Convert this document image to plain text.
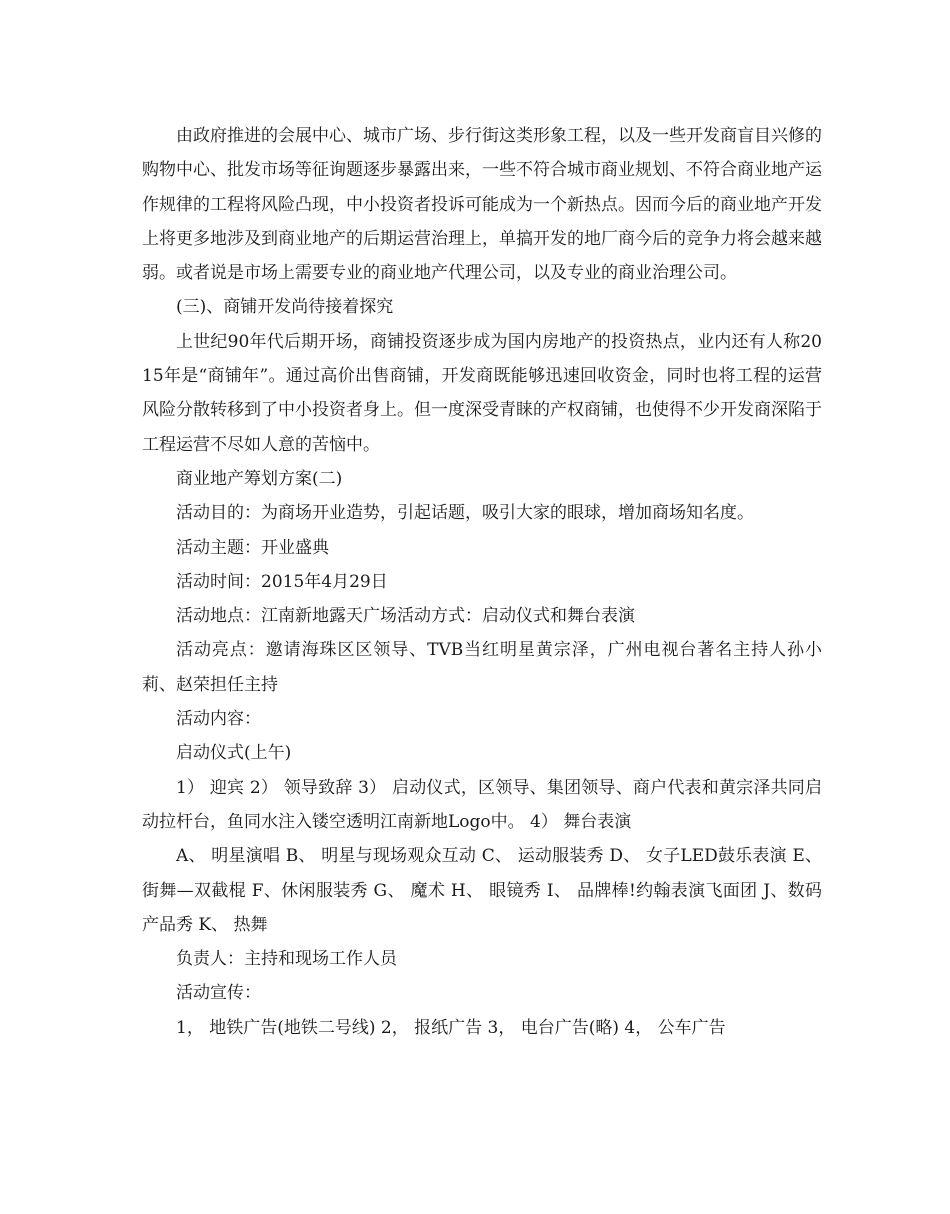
由政府推进的会展中心、城市广场、步行街这类形象工程，以及一些开发商盲目兴修的购物中心、批发市场等征询题逐步暴露出来，一些不符合城市商业规划、不符合商业地产运作规律的工程将风险凸现，中小投资者投诉可能成为一个新热点。因而今后的商业地产开发上将更多地涉及到商业地产的后期运营治理上，单搞开发的地厂商今后的竞争力将会越来越弱。或者说是市场上需要专业的商业地产代理公司，以及专业的商业治理公司。

(三)、商铺开发尚待接着探究

上世纪90年代后期开场，商铺投资逐步成为国内房地产的投资热点，业内还有人称2015年是“商铺年”。通过高价出售商铺，开发商既能够迅速回收资金，同时也将工程的运营风险分散转移到了中小投资者身上。但一度深受青睐的产权商铺，也使得不少开发商深陷于工程运营不尽如人意的苦恼中。

商业地产筹划方案(二)

活动目的：为商场开业造势，引起话题，吸引大家的眼球，增加商场知名度。

活动主题：开业盛典

活动时间：2015年4月29日

活动地点：江南新地露天广场活动方式：启动仪式和舞台表演

活动亮点：邀请海珠区区领导、TVB当红明星黄宗泽，广州电视台著名主持人孙小莉、赵荣担任主持

活动内容：

启动仪式(上午)

1） 迎宾 2） 领导致辞 3） 启动仪式，区领导、集团领导、商户代表和黄宗泽共同启动拉杆台，鱼同水注入镂空透明江南新地Logo中。 4） 舞台表演

A、 明星演唱 B、 明星与现场观众互动 C、 运动服装秀 D、 女子LED鼓乐表演 E、 街舞—双截棍 F、休闲服装秀 G、 魔术 H、 眼镜秀 I、 品牌棒!约翰表演飞面团 J、数码产品秀 K、 热舞

负责人：主持和现场工作人员

活动宣传：

1， 地铁广告(地铁二号线) 2， 报纸广告 3， 电台广告(略) 4， 公车广告
